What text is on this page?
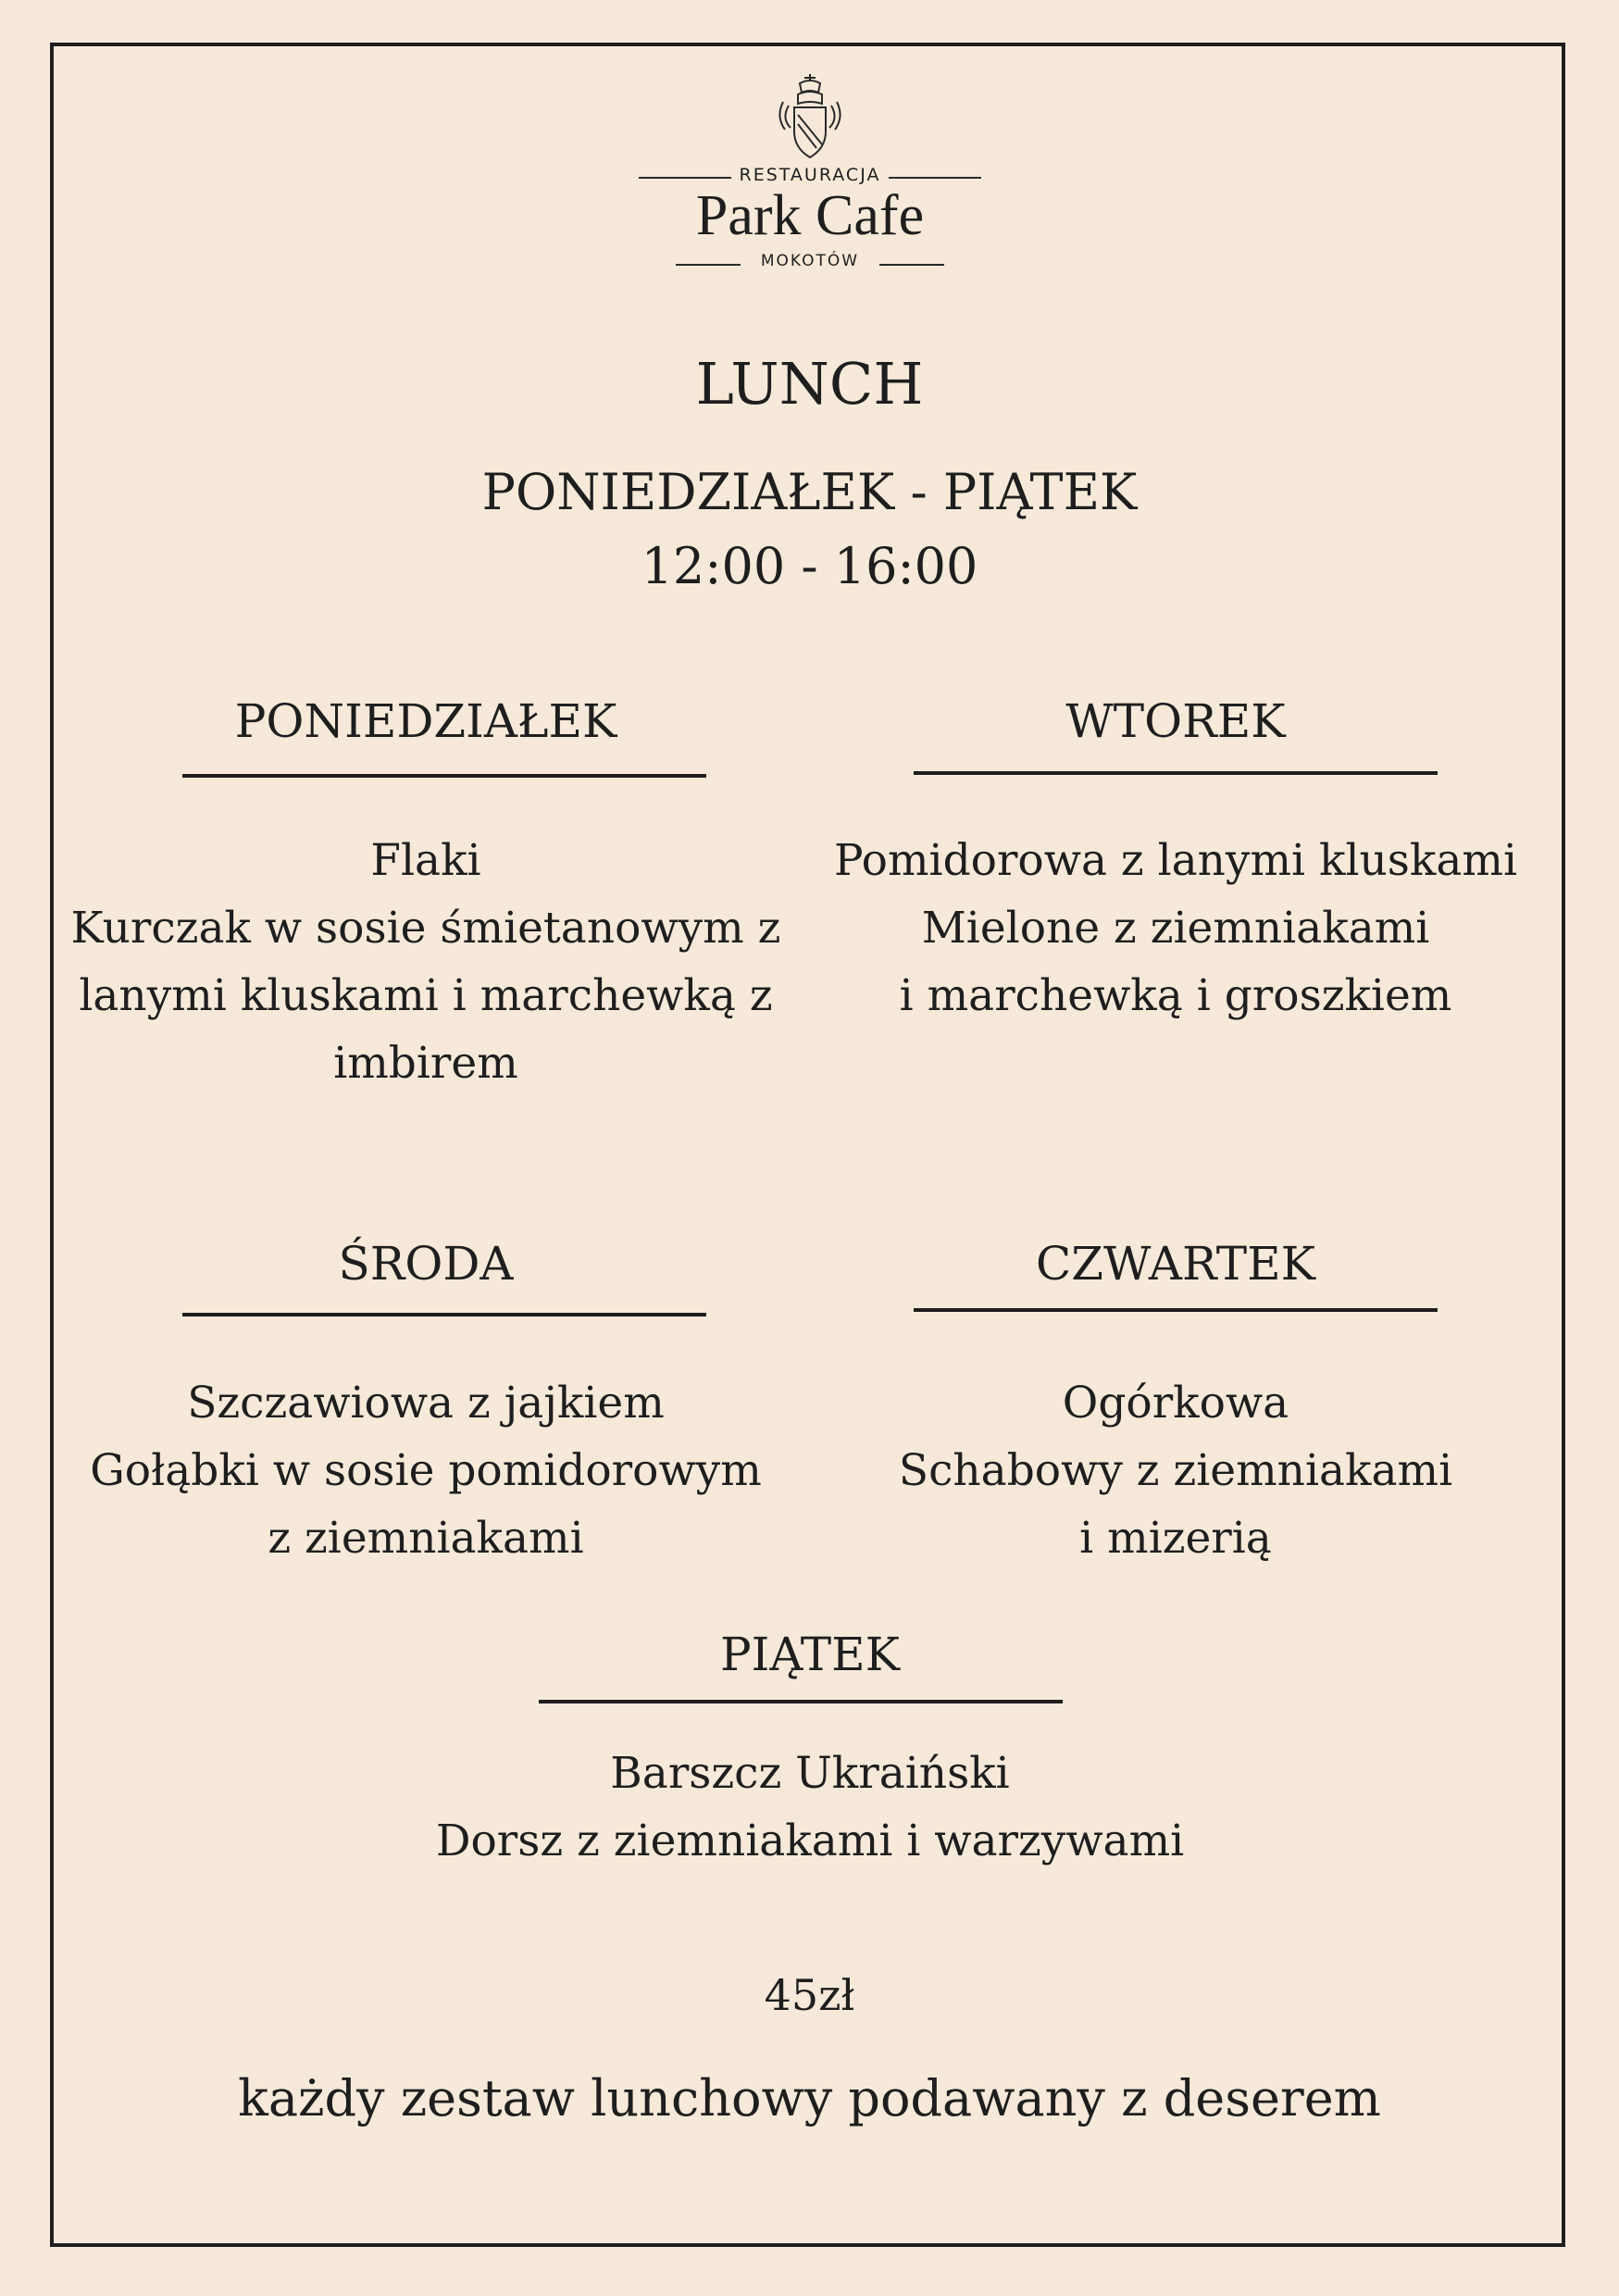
RESTAURACJA
Park Cafe
MOKOTÓW
LUNCH
PONIEDZIAŁEK - PIĄTEK
12:00 - 16:00
PONIEDZIAŁEK
Flaki
Kurczak w sosie śmietanowym z
lanymi kluskami i marchewką z
imbirem
WTOREK
Pomidorowa z lanymi kluskami
Mielone z ziemniakami
i marchewką i groszkiem
ŚRODA
Szczawiowa z jajkiem
Gołąbki w sosie pomidorowym
z ziemniakami
CZWARTEK
Ogórkowa
Schabowy z ziemniakami
i mizerią
PIĄTEK
Barszcz Ukraiński
Dorsz z ziemniakami i warzywami
45zł
każdy zestaw lunchowy podawany z deserem
